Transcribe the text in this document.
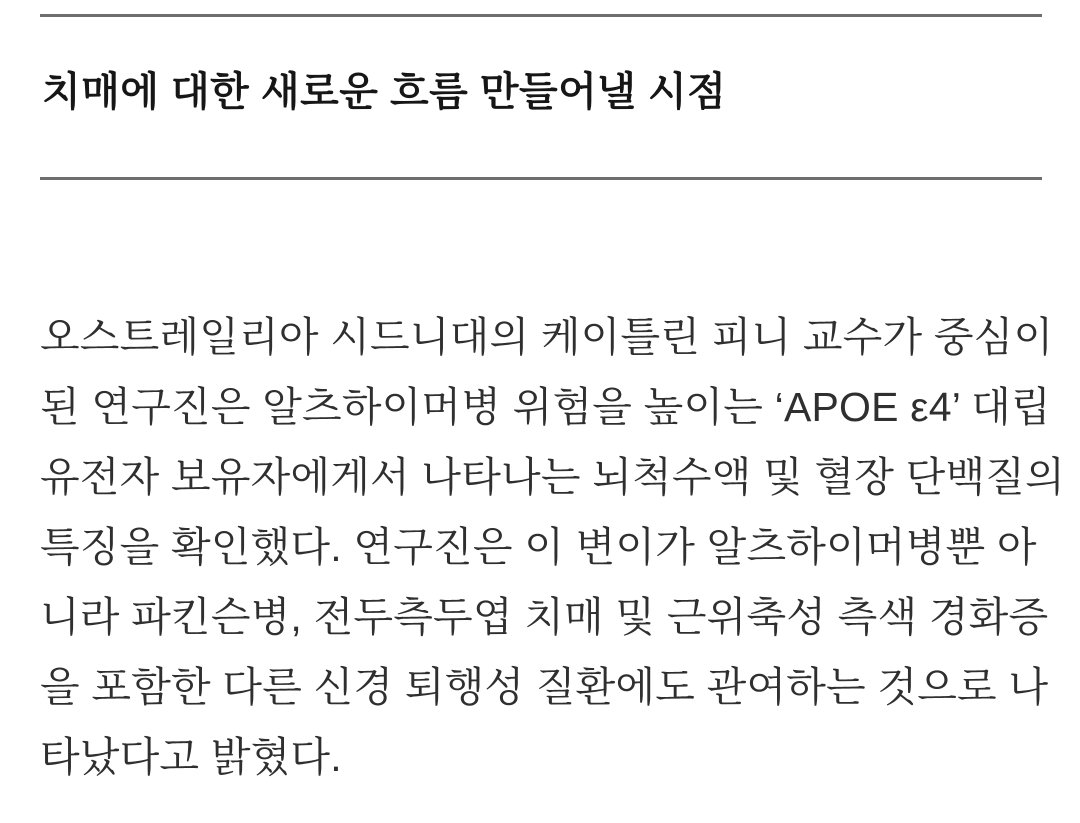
치매에 대한 새로운 흐름 만들어낼 시점
오스트레일리아 시드니대의 케이틀린 피니 교수가 중심이
된 연구진은 알츠하이머병 위험을 높이는 ‘APOE ε4’ 대립
유전자 보유자에게서 나타나는 뇌척수액 및 혈장 단백질의
특징을 확인했다. 연구진은 이 변이가 알츠하이머병뿐 아
니라 파킨슨병, 전두측두엽 치매 및 근위축성 측색 경화증
을 포함한 다른 신경 퇴행성 질환에도 관여하는 것으로 나
타났다고 밝혔다.
